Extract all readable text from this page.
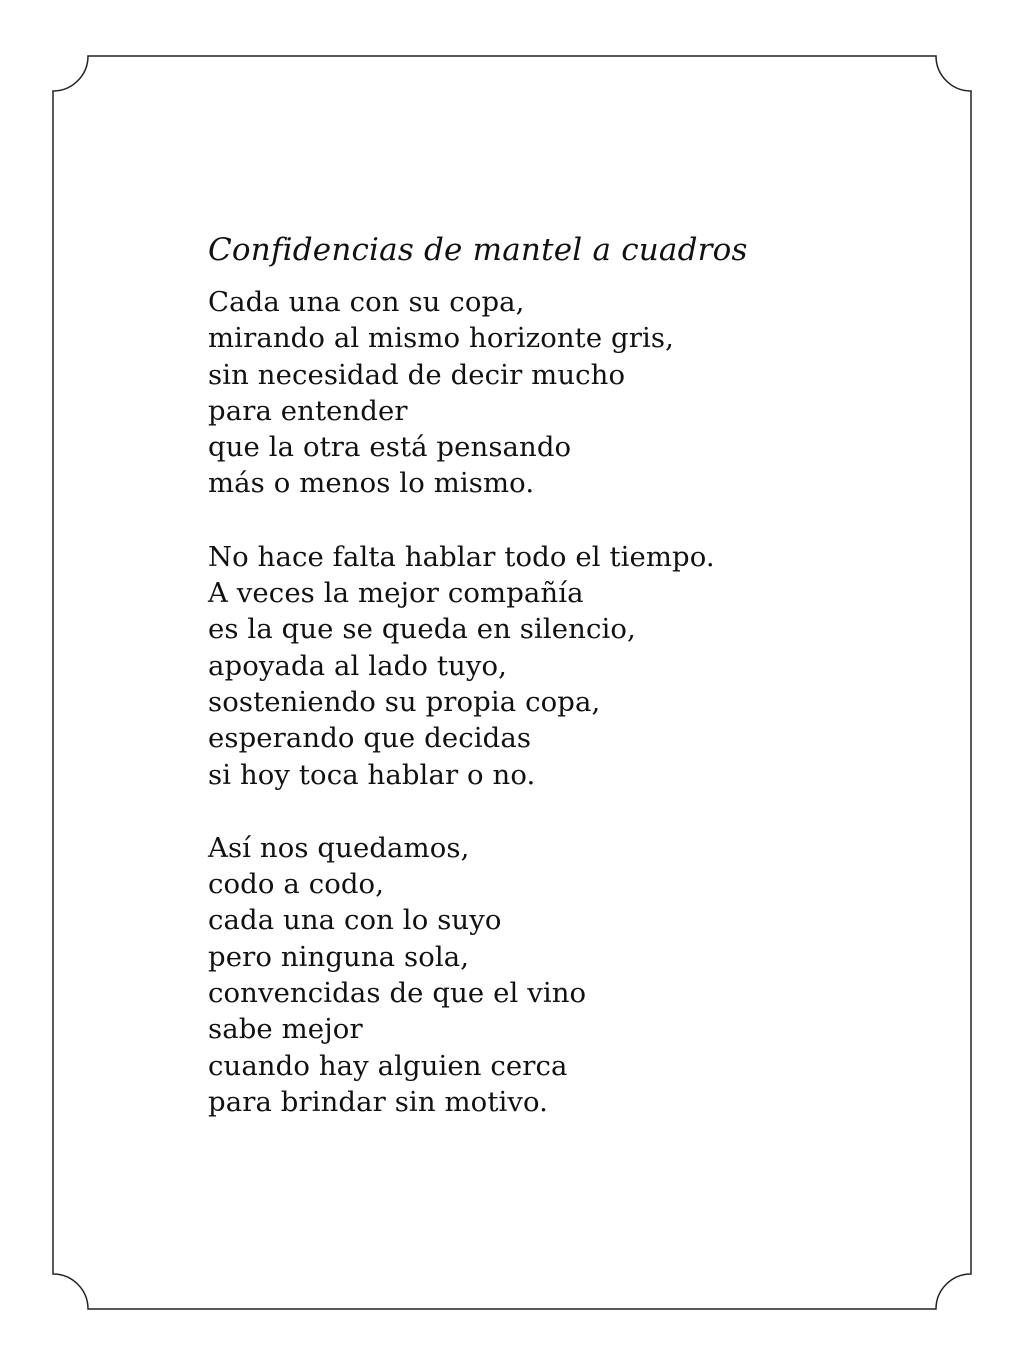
Confidencias de mantel a cuadros
Cada una con su copa,
mirando al mismo horizonte gris,
sin necesidad de decir mucho
para entender
que la otra está pensando
más o menos lo mismo.
No hace falta hablar todo el tiempo.
A veces la mejor compañía
es la que se queda en silencio,
apoyada al lado tuyo,
sosteniendo su propia copa,
esperando que decidas
si hoy toca hablar o no.
Así nos quedamos,
codo a codo,
cada una con lo suyo
pero ninguna sola,
convencidas de que el vino
sabe mejor
cuando hay alguien cerca
para brindar sin motivo.
